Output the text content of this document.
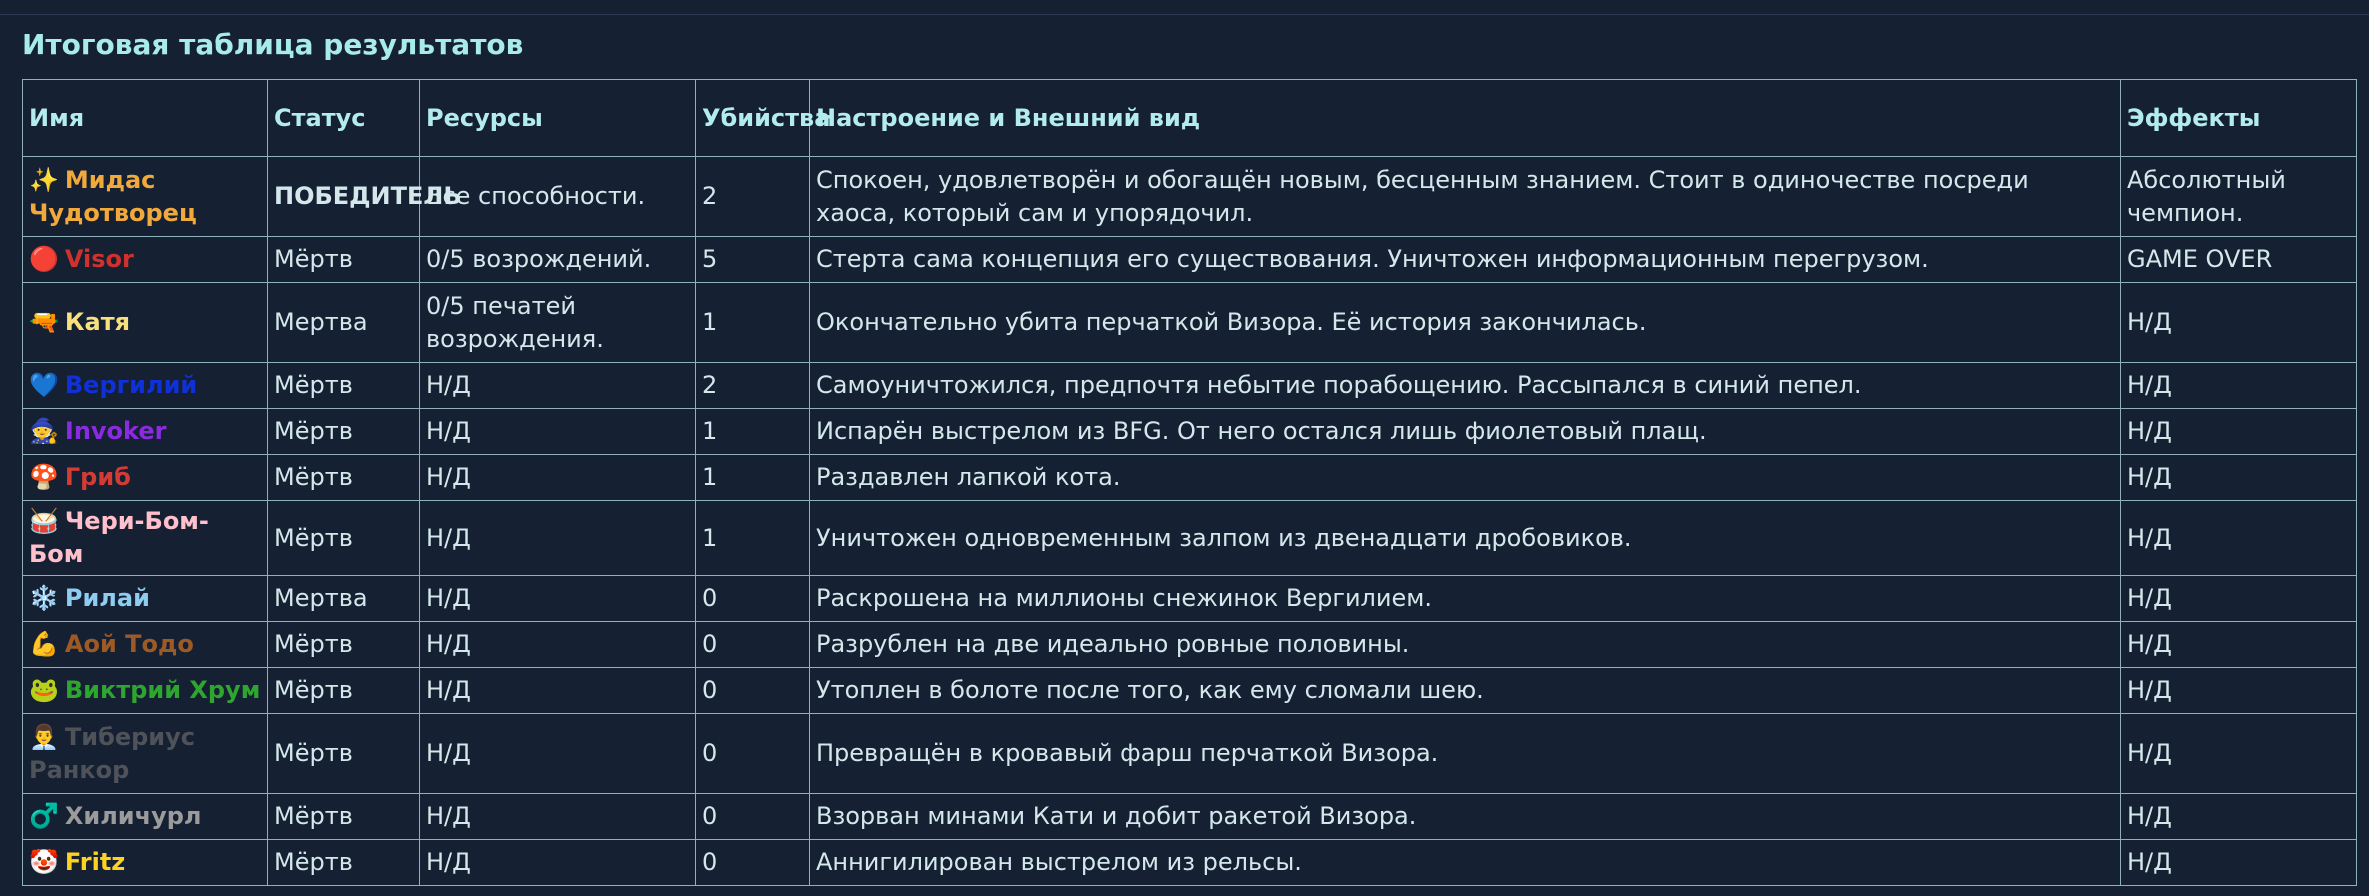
Итоговая таблица результатов
Имя	Статус	Ресурсы	Убийства	Настроение и Внешний вид	Эффекты
✨ Мидас Чудотворец	ПОБЕДИТЕЛЬ	Все способности.	2	Спокоен, удовлетворён и обогащён новым, бесценным знанием. Стоит в одиночестве посреди хаоса, который сам и упорядочил.	Абсолютный чемпион.
🔴 Visor	Мёртв	0/5 возрождений.	5	Стерта сама концепция его существования. Уничтожен информационным перегрузом.	GAME OVER
🔫 Катя	Мертва	0/5 печатей возрождения.	1	Окончательно убита перчаткой Визора. Её история закончилась.	Н/Д
💙 Вергилий	Мёртв	Н/Д	2	Самоуничтожился, предпочтя небытие порабощению. Рассыпался в синий пепел.	Н/Д
🧙 Invoker	Мёртв	Н/Д	1	Испарён выстрелом из BFG. От него остался лишь фиолетовый плащ.	Н/Д
🍄 Гриб	Мёртв	Н/Д	1	Раздавлен лапкой кота.	Н/Д
🥁 Чери-Бом-Бом	Мёртв	Н/Д	1	Уничтожен одновременным залпом из двенадцати дробовиков.	Н/Д
❄️ Рилай	Мертва	Н/Д	0	Раскрошена на миллионы снежинок Вергилием.	Н/Д
💪 Аой Тодо	Мёртв	Н/Д	0	Разрублен на две идеально ровные половины.	Н/Д
🐸 Виктрий Хрум	Мёртв	Н/Д	0	Утоплен в болоте после того, как ему сломали шею.	Н/Д
👨‍💼 Тибериус Ранкор	Мёртв	Н/Д	0	Превращён в кровавый фарш перчаткой Визора.	Н/Д
♂️ Хиличурл	Мёртв	Н/Д	0	Взорван минами Кати и добит ракетой Визора.	Н/Д
🤡 Fritz	Мёртв	Н/Д	0	Аннигилирован выстрелом из рельсы.	Н/Д
